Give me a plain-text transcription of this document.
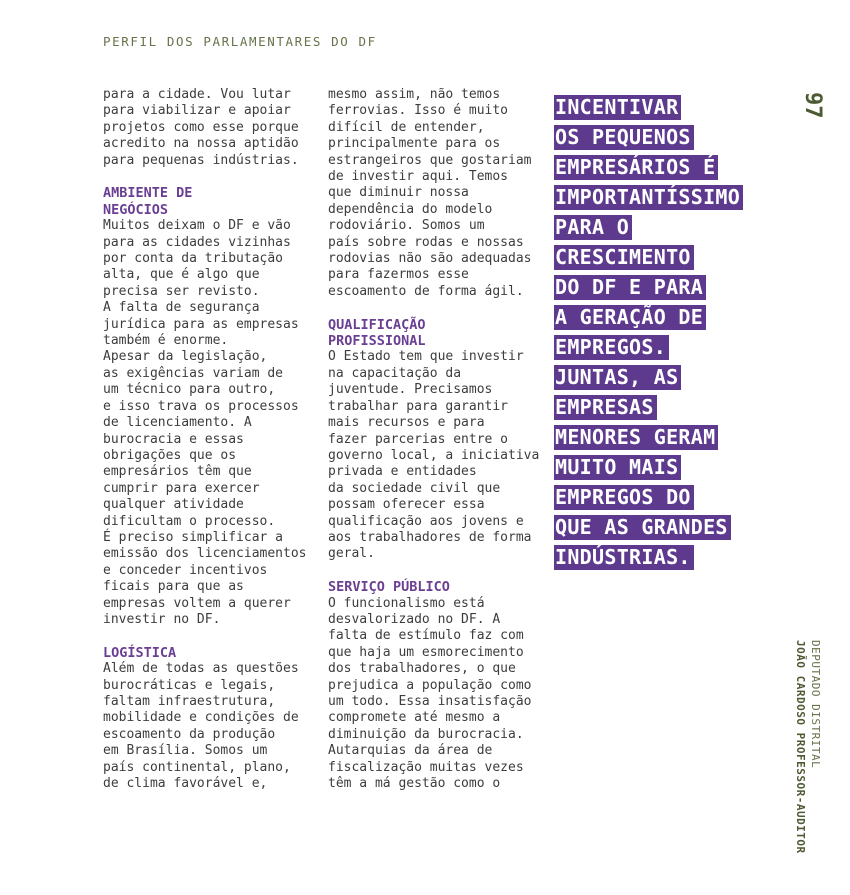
PERFIL DOS PARLAMENTARES DO DF
97
para a cidade. Vou lutar
para viabilizar e apoiar
projetos como esse porque
acredito na nossa aptidão
para pequenas indústrias.
AMBIENTE DE
NEGÓCIOS
Muitos deixam o DF e vão
para as cidades vizinhas
por conta da tributação
alta, que é algo que
precisa ser revisto.
A falta de segurança
jurídica para as empresas
também é enorme.
Apesar da legislação,
as exigências variam de
um técnico para outro,
e isso trava os processos
de licenciamento. A
burocracia e essas
obrigações que os
empresários têm que
cumprir para exercer
qualquer atividade
dificultam o processo.
É preciso simplificar a
emissão dos licenciamentos
e conceder incentivos
ficais para que as
empresas voltem a querer
investir no DF.
LOGÍSTICA
Além de todas as questões
burocráticas e legais,
faltam infraestrutura,
mobilidade e condições de
escoamento da produção
em Brasília. Somos um
país continental, plano,
de clima favorável e,
mesmo assim, não temos
ferrovias. Isso é muito
difícil de entender,
principalmente para os
estrangeiros que gostariam
de investir aqui. Temos
que diminuir nossa
dependência do modelo
rodoviário. Somos um
país sobre rodas e nossas
rodovias não são adequadas
para fazermos esse
escoamento de forma ágil.
QUALIFICAÇÃO
PROFISSIONAL
O Estado tem que investir
na capacitação da
juventude. Precisamos
trabalhar para garantir
mais recursos e para
fazer parcerias entre o
governo local, a iniciativa
privada e entidades
da sociedade civil que
possam oferecer essa
qualificação aos jovens e
aos trabalhadores de forma
geral.
SERVIÇO PÚBLICO
O funcionalismo está
desvalorizado no DF. A
falta de estímulo faz com
que haja um esmorecimento
dos trabalhadores, o que
prejudica a população como
um todo. Essa insatisfação
compromete até mesmo a
diminuição da burocracia.
Autarquias da área de
fiscalização muitas vezes
têm a má gestão como o
INCENTIVAR
OS PEQUENOS
EMPRESÁRIOS É
IMPORTANTÍSSIMO
PARA O
CRESCIMENTO
DO DF E PARA
A GERAÇÃO DE
EMPREGOS.
JUNTAS, AS
EMPRESAS
MENORES GERAM
MUITO MAIS
EMPREGOS DO
QUE AS GRANDES
INDÚSTRIAS.
JOÃO CARDOSO PROFESSOR-AUDITOR DEPUTADO DISTRITAL
